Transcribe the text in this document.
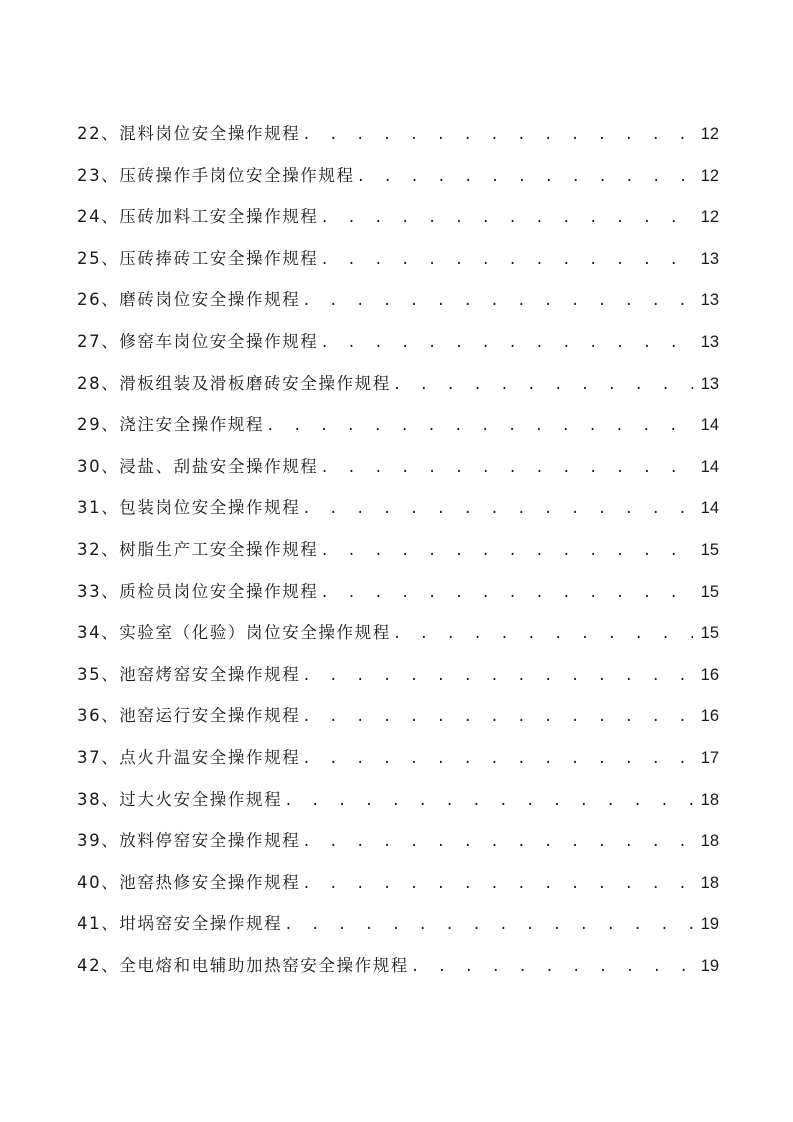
22、混料岗位安全操作规程 . . .	12
23、压砖操作手岗位安全操作规程 . . .	12
24、压砖加料工安全操作规程 . . .	12
25、压砖捧砖工安全操作规程 . . .	13
26、磨砖岗位安全操作规程 . . .	13
27、修窑车岗位安全操作规程 . . .	13
28、滑板组装及滑板磨砖安全操作规程 . . .	13
29、浇注安全操作规程 . . .	14
30、浸盐、刮盐安全操作规程 . . .	14
31、包装岗位安全操作规程 . . .	14
32、树脂生产工安全操作规程 . . .	15
33、质检员岗位安全操作规程 . . .	15
34、实验室（化验）岗位安全操作规程 . . .	15
35、池窑烤窑安全操作规程 . . .	16
36、池窑运行安全操作规程 . . .	16
37、点火升温安全操作规程 . . .	17
38、过大火安全操作规程 . . .	18
39、放料停窑安全操作规程 . . .	18
40、池窑热修安全操作规程 . . .	18
41、坩埚窑安全操作规程 . . .	19
42、全电熔和电辅助加热窑安全操作规程 . . .	19
